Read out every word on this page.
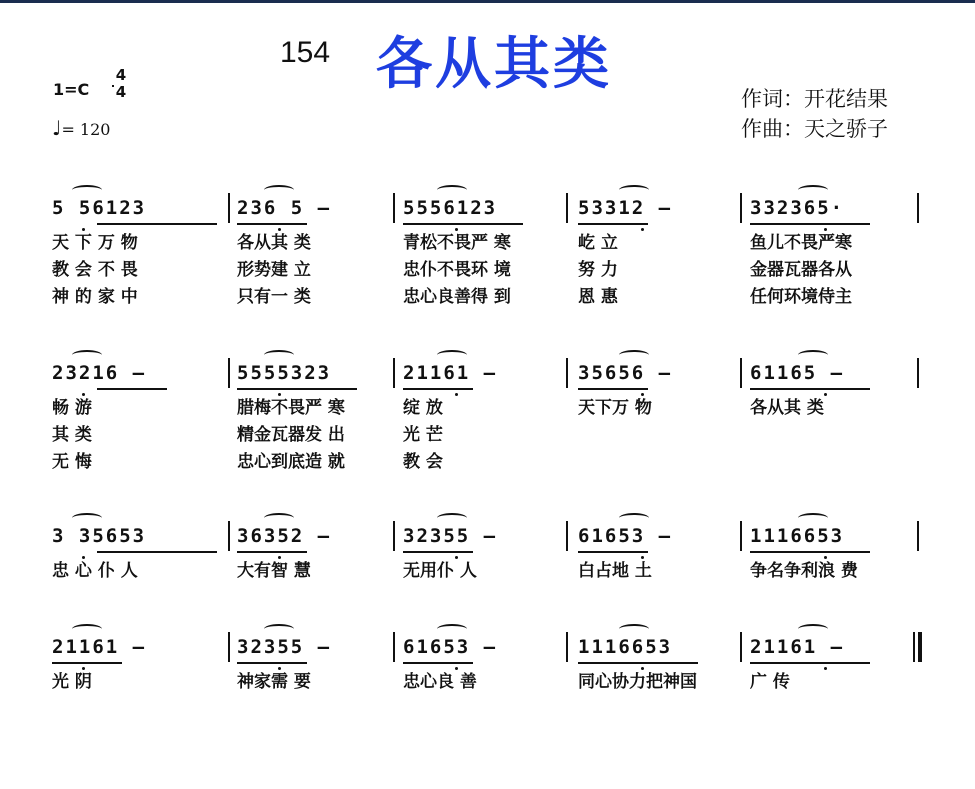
154 各从其类
作词：开花结果
作曲：天之骄子
1=C
4
4
♩= 120
5 56123
天 下 万 物
教 会 不 畏
神 的 家 中
236 5 —
各从其 类
形势建 立
只有一 类
5556123
青松不畏严 寒
忠仆不畏环 境
忠心良善得 到
53312 —
屹 立
努 力
恩 惠
332365·
鱼儿不畏严寒
金器瓦器各从
任何环境侍主
23216 —
畅 游
其 类
无 悔
5555323
腊梅不畏严 寒
精金瓦器发 出
忠心到底造 就
21161 —
绽 放
光 芒
教 会
35656 —
天下万 物
61165 —
各从其 类
3 35653
忠 心 仆 人
36352 —
大有智 慧
32355 —
无用仆 人
61653 —
白占地 土
1116653
争名争利浪 费
21161 —
光 阴
32355 —
神家需 要
61653 —
忠心良 善
1116653
同心协力把神国
21161 —
广 传
